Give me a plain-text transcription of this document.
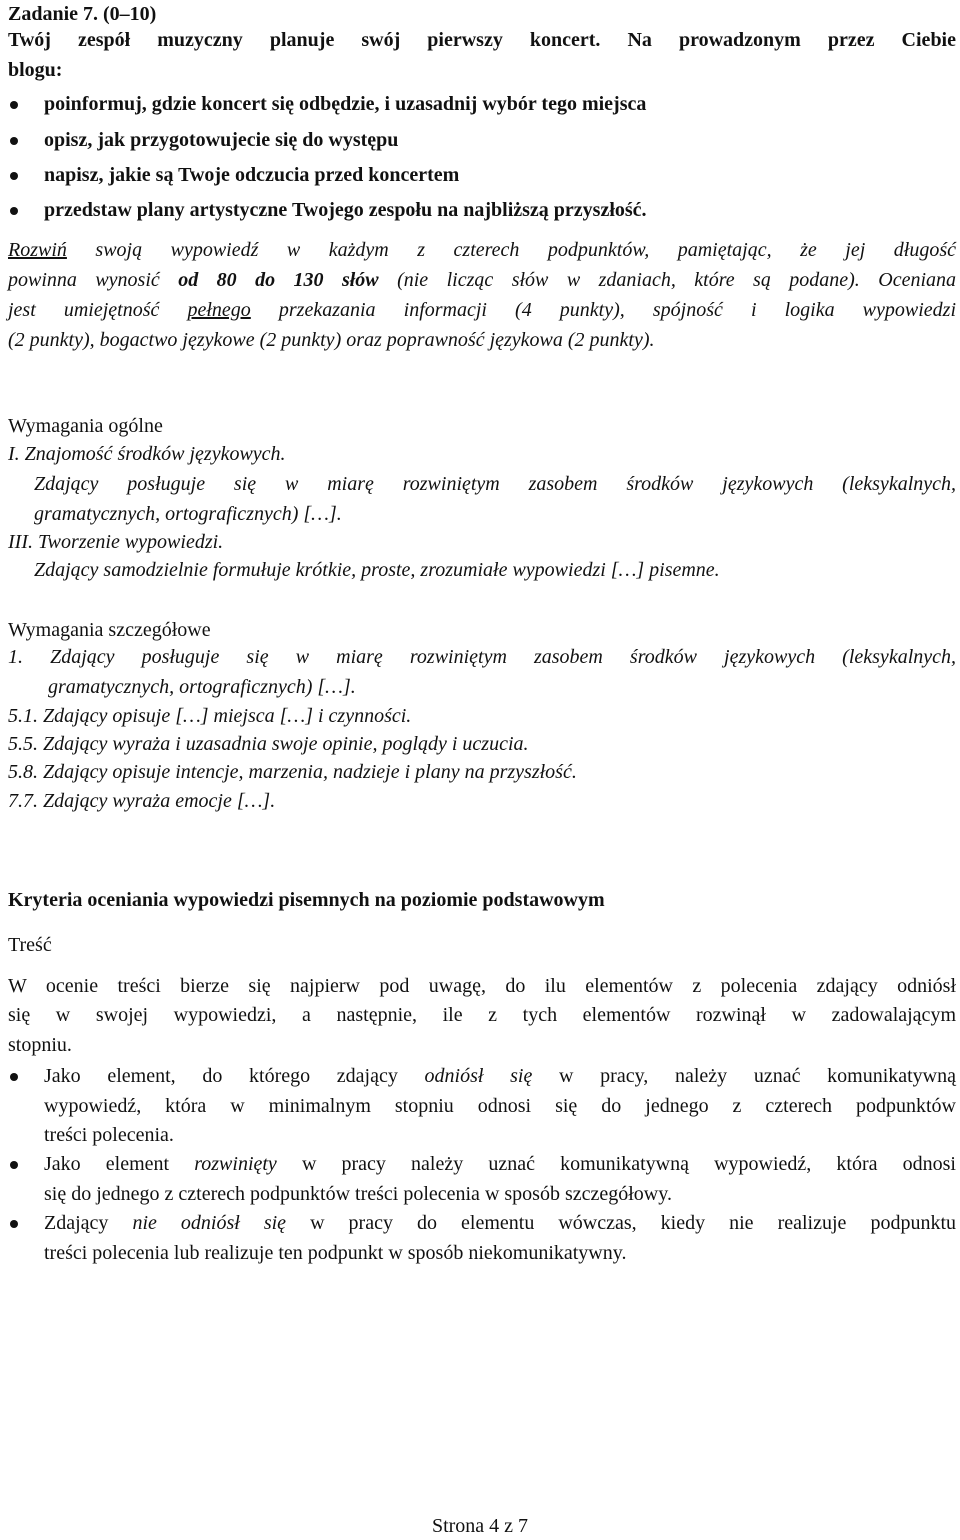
Zadanie 7. (0–10)
Twój zespół muzyczny planuje swój pierwszy koncert. Na prowadzonym przez Ciebie
blogu:
poinformuj, gdzie koncert się odbędzie, i uzasadnij wybór tego miejsca
opisz, jak przygotowujecie się do występu
napisz, jakie są Twoje odczucia przed koncertem
przedstaw plany artystyczne Twojego zespołu na najbliższą przyszłość.
Rozwiń swoją wypowiedź w każdym z czterech podpunktów, pamiętając, że jej długość
powinna wynosić od 80 do 130 słów (nie licząc słów w zdaniach, które są podane). Oceniana
jest umiejętność pełnego przekazania informacji (4 punkty), spójność i logika wypowiedzi
(2 punkty), bogactwo językowe (2 punkty) oraz poprawność językowa (2 punkty).
Wymagania ogólne
I. Znajomość środków językowych.
Zdający posługuje się w miarę rozwiniętym zasobem środków językowych (leksykalnych,
gramatycznych, ortograficznych) […].
III. Tworzenie wypowiedzi.
Zdający samodzielnie formułuje krótkie, proste, zrozumiałe wypowiedzi […] pisemne.
Wymagania szczegółowe
1. Zdający posługuje się w miarę rozwiniętym zasobem środków językowych (leksykalnych,
gramatycznych, ortograficznych) […].
5.1. Zdający opisuje […] miejsca […] i czynności.
5.5. Zdający wyraża i uzasadnia swoje opinie, poglądy i uczucia.
5.8. Zdający opisuje intencje, marzenia, nadzieje i plany na przyszłość.
7.7. Zdający wyraża emocje […].
Kryteria oceniania wypowiedzi pisemnych na poziomie podstawowym
Treść
W ocenie treści bierze się najpierw pod uwagę, do ilu elementów z polecenia zdający odniósł
się w swojej wypowiedzi, a następnie, ile z tych elementów rozwinął w zadowalającym
stopniu.
Jako element, do którego zdający odniósł się w pracy, należy uznać komunikatywną
wypowiedź, która w minimalnym stopniu odnosi się do jednego z czterech podpunktów
treści polecenia.
Jako element rozwinięty w pracy należy uznać komunikatywną wypowiedź, która odnosi
się do jednego z czterech podpunktów treści polecenia w sposób szczegółowy.
Zdający nie odniósł się w pracy do elementu wówczas, kiedy nie realizuje podpunktu
treści polecenia lub realizuje ten podpunkt w sposób niekomunikatywny.
Strona 4 z 7
